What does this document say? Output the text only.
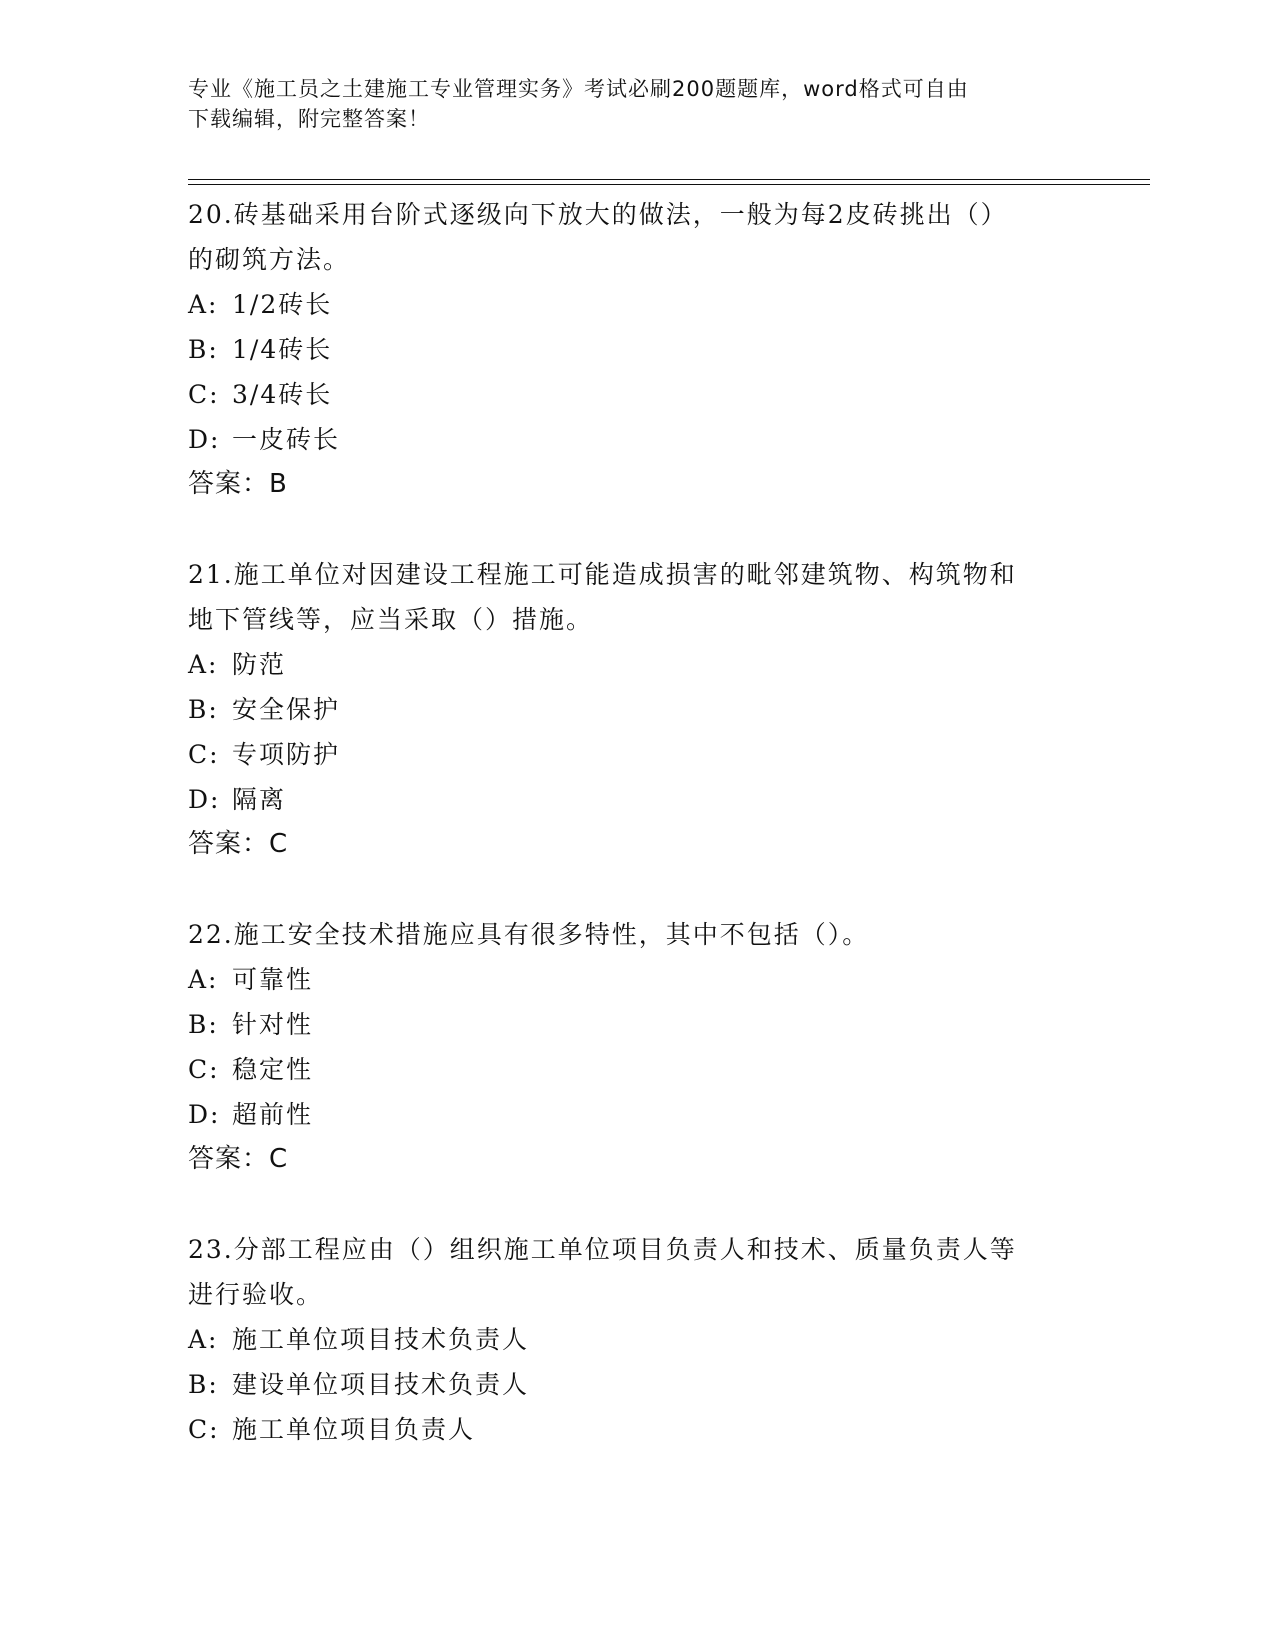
专业《施工员之土建施工专业管理实务》考试必刷200题题库，word格式可自由
下载编辑，附完整答案！
20.砖基础采用台阶式逐级向下放大的做法，一般为每2皮砖挑出（）
的砌筑方法。
A: 1/2砖长
B: 1/4砖长
C: 3/4砖长
D: 一皮砖长
答案：B
21.施工单位对因建设工程施工可能造成损害的毗邻建筑物、构筑物和
地下管线等，应当采取（）措施。
A: 防范
B: 安全保护
C: 专项防护
D: 隔离
答案：C
22.施工安全技术措施应具有很多特性，其中不包括（）。
A: 可靠性
B: 针对性
C: 稳定性
D: 超前性
答案：C
23.分部工程应由（）组织施工单位项目负责人和技术、质量负责人等
进行验收。
A: 施工单位项目技术负责人
B: 建设单位项目技术负责人
C: 施工单位项目负责人
